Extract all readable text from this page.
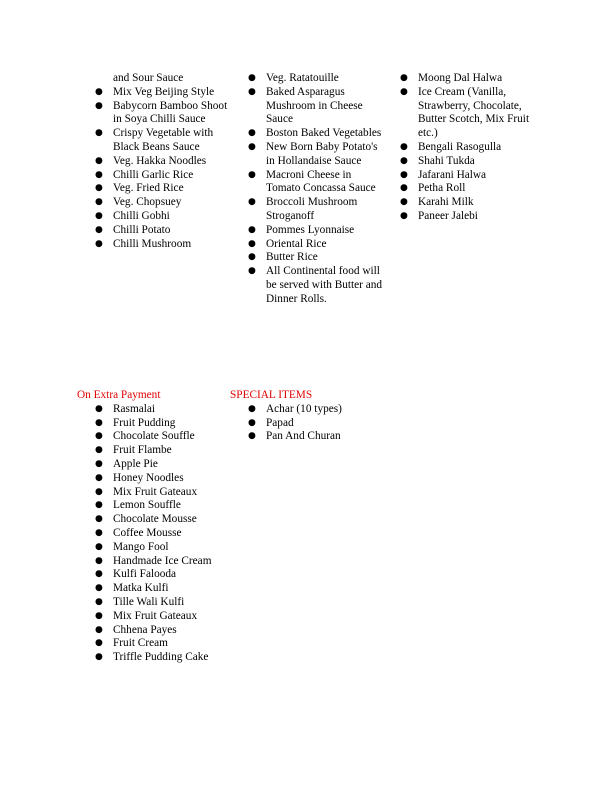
and Sour Sauce
● Mix Veg Beijing Style
● Babycorn Bamboo Shoot in Soya Chilli Sauce
● Crispy Vegetable with Black Beans Sauce
● Veg. Hakka Noodles
● Chilli Garlic Rice
● Veg. Fried Rice
● Veg. Chopsuey
● Chilli Gobhi
● Chilli Potato
● Chilli Mushroom
● Veg. Ratatouille
● Baked Asparagus Mushroom in Cheese Sauce
● Boston Baked Vegetables
● New Born Baby Potato's in Hollandaise Sauce
● Macroni Cheese in Tomato Concassa Sauce
● Broccoli Mushroom Stroganoff
● Pommes Lyonnaise
● Oriental Rice
● Butter Rice
● All Continental food will be served with Butter and Dinner Rolls.
● Moong Dal Halwa
● Ice Cream (Vanilla, Strawberry, Chocolate, Butter Scotch, Mix Fruit etc.)
● Bengali Rasogulla
● Shahi Tukda
● Jafarani Halwa
● Petha Roll
● Karahi Milk
● Paneer Jalebi
On Extra Payment
● Rasmalai
● Fruit Pudding
● Chocolate Souffle
● Fruit Flambe
● Apple Pie
● Honey Noodles
● Mix Fruit Gateaux
● Lemon Souffle
● Chocolate Mousse
● Coffee Mousse
● Mango Fool
● Handmade Ice Cream
● Kulfi Falooda
● Matka Kulfi
● Tille Wali Kulfi
● Mix Fruit Gateaux
● Chhena Payes
● Fruit Cream
● Triffle Pudding Cake
SPECIAL ITEMS
● Achar (10 types)
● Papad
● Pan And Churan
